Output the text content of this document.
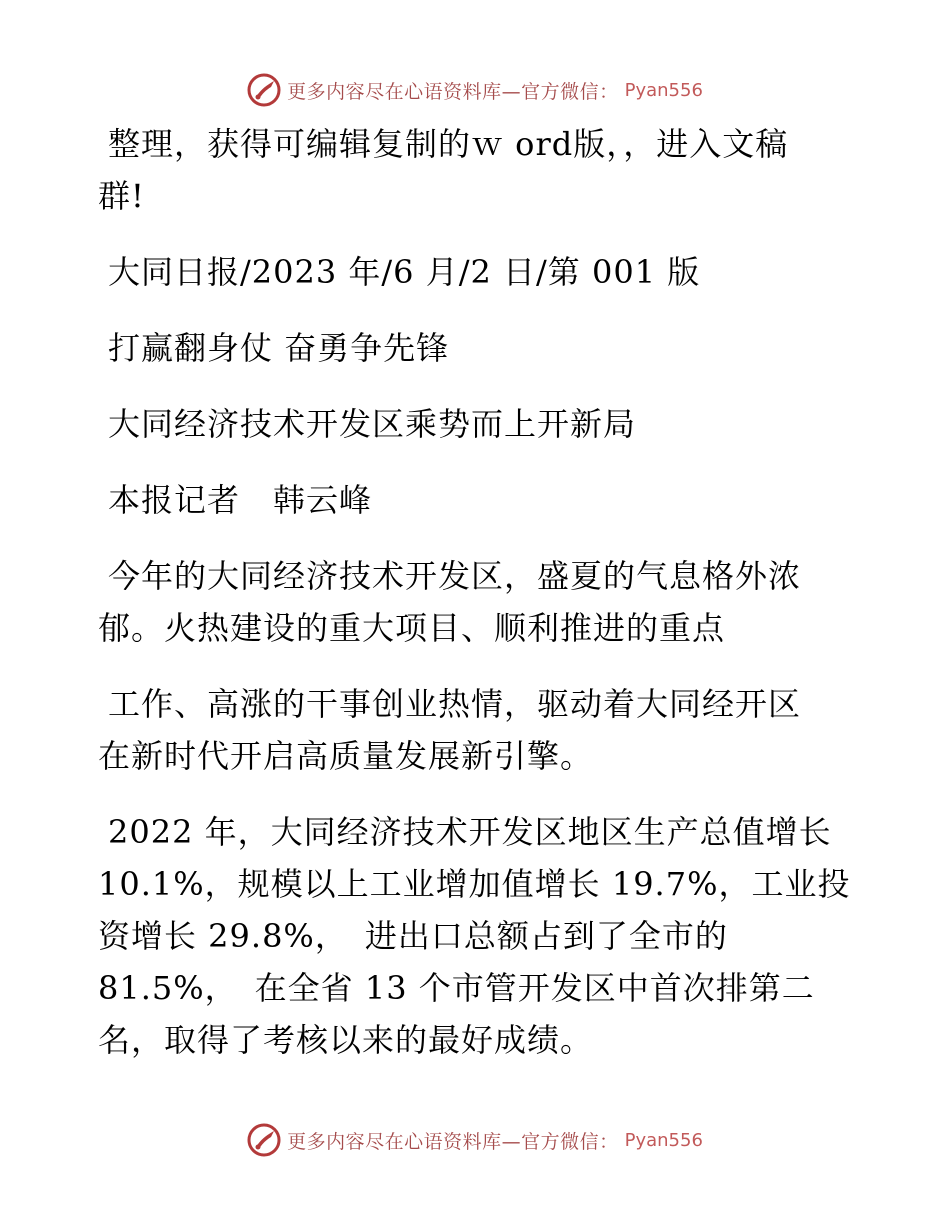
更多内容尽在心语资料库—官方微信： Pyan556
整理，获得可编辑复制的ｗ ord版，，进入文稿
群!
大同日报/2023 年/6 月/2 日/第 001 版
打赢翻身仗 奋勇争先锋
大同经济技术开发区乘势而上开新局
本报记者　韩云峰
今年的大同经济技术开发区，盛夏的气息格外浓
郁。火热建设的重大项目、顺利推进的重点
工作、高涨的干事创业热情，驱动着大同经开区
在新时代开启高质量发展新引擎。
2022 年，大同经济技术开发区地区生产总值增长
10.1%，规模以上工业增加值增长 19.7%，工业投
资增长 29.8%，　进出口总额占到了全市的
81.5%，　在全省 13 个市管开发区中首次排第二
名，取得了考核以来的最好成绩。
更多内容尽在心语资料库—官方微信： Pyan556
